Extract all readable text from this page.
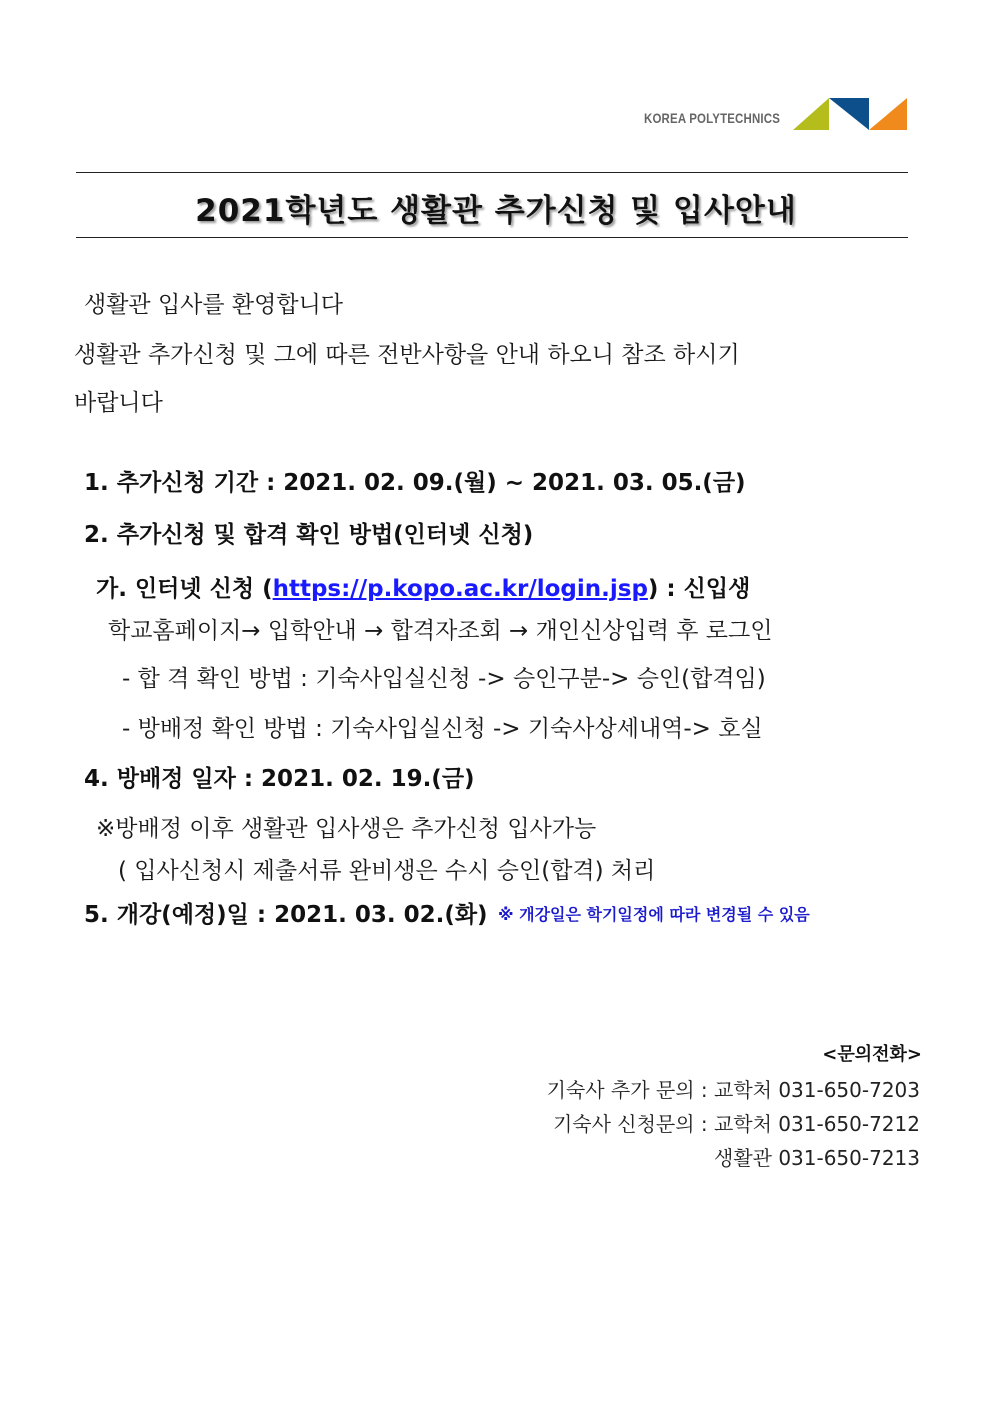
KOREA POLYTECHNICS
2021학년도 생활관 추가신청 및 입사안내
생활관 입사를 환영합니다
생활관 추가신청 및 그에 따른 전반사항을 안내 하오니 참조 하시기
바랍니다
1. 추가신청 기간 : 2021. 02. 09.(월) ~ 2021. 03. 05.(금)
2. 추가신청 및 합격 확인 방법(인터넷 신청)
가. 인터넷 신청 (https://p.kopo.ac.kr/login.jsp) : 신입생
학교홈페이지→ 입학안내 → 합격자조회 → 개인신상입력 후 로그인
- 합 격 확인 방법 : 기숙사입실신청 -> 승인구분-> 승인(합격임)
- 방배정 확인 방법 : 기숙사입실신청 -> 기숙사상세내역-> 호실
4. 방배정 일자 : 2021. 02. 19.(금)
※방배정 이후 생활관 입사생은 추가신청 입사가능
( 입사신청시 제출서류 완비생은 수시 승인(합격) 처리
5. 개강(예정)일 : 2021. 03. 02.(화) ※ 개강일은 학기일정에 따라 변경될 수 있음
<문의전화>
기숙사 추가 문의 : 교학처 031-650-7203
기숙사 신청문의 : 교학처 031-650-7212
생활관 031-650-7213
